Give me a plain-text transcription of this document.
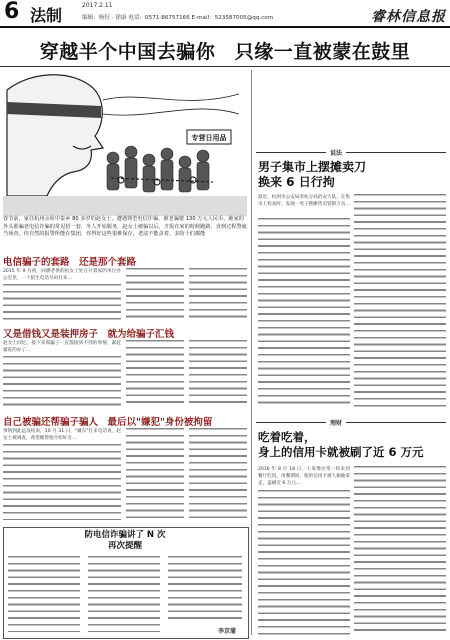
6 法制
2017.2.11
编辑：杨钰 · 徐康 电话：0571-86757166 E-mail：523587005@qq.com	睿林信息报
穿越半个中国去骗你　只缘一直被蒙在鼓里
专营日用品
春节前，家住杭州余杭中泰乡 80 多岁的赵女士，遭遇典型电信诈骗，被老骗婆 130 万元人民币，她家的外头那骗老电信诈骗的常见招一套，冬人开始服务，赵女士被骗以后，才报在家的时候跑路，直到过程警就当场查。你自然的报警所能在集团，你得好这些很难保存。老法不能盖着。多防十们都能
电信骗子的套路　还是那个套路
2015 年 9 月初，回溯老供的杭女士处在开着家的单位办公室里，一个陌生电话号码打来…
又是借钱又是装押房子　就为给骗子汇钱
赵女士回忆，接下来那骗子一直都接到不到的事情，紧赶紧赶的办了…
自己被骗还帮骗子骗人　最后以"嫌犯"身份被拘留
事情到此远没结束，10 月 31 日，"戴东"打来电话说，赵女士被调查，希望她帮他介绍好友…
防电信诈骗讲了 N 次
再次提醒
李京蒲
说法
男子集市上摆摊卖刀
换来 6 日行拘
最近，杭州市公安局余杭分局治安大队，在集市上检查时，发现一男子摆摊售卖管制刀具…
理财
吃着吃着，
身上的信用卡就被刷了近 6 万元
2016 年 8 月 18 日，王某像往常一样来到餐厅吃饭，用餐期间，他的信用卡被人偷偷拿走，盗刷近 6 万元…
